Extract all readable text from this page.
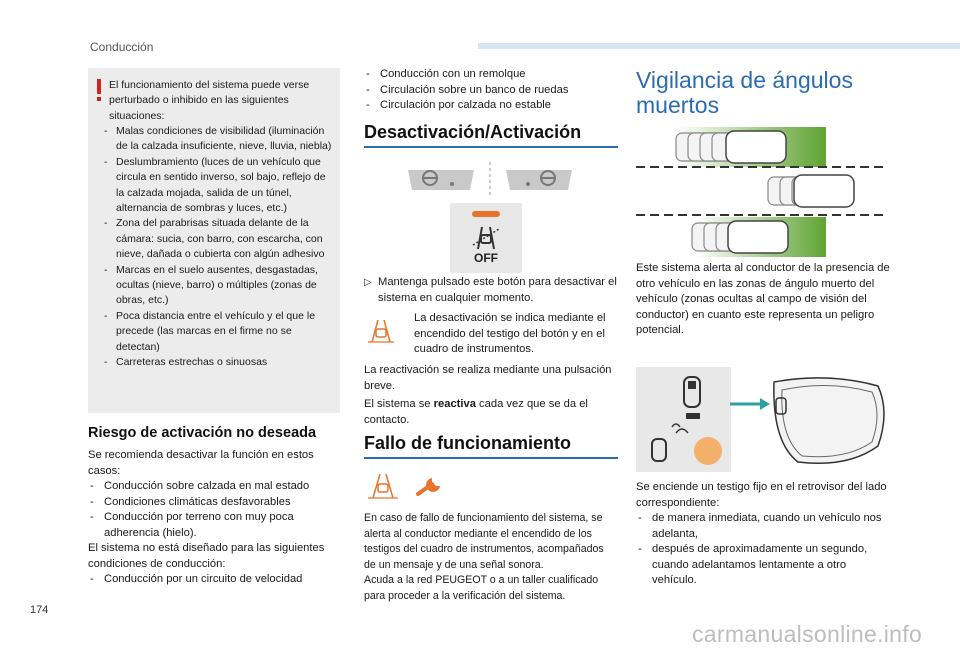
Conducción
El funcionamiento del sistema puede verse perturbado o inhibido en las siguientes situaciones:
- Malas condiciones de visibilidad (iluminación de la calzada insuficiente, nieve, lluvia, niebla)
- Deslumbramiento (luces de un vehículo que circula en sentido inverso, sol bajo, reflejo de la calzada mojada, salida de un túnel, alternancia de sombras y luces, etc.)
- Zona del parabrisas situada delante de la cámara: sucia, con barro, con escarcha, con nieve, dañada o cubierta con algún adhesivo
- Marcas en el suelo ausentes, desgastadas, ocultas (nieve, barro) o múltiples (zonas de obras, etc.)
- Poca distancia entre el vehículo y el que le precede (las marcas en el firme no se detectan)
- Carreteras estrechas o sinuosas
Riesgo de activación no deseada
Se recomienda desactivar la función en estos casos:
- Conducción sobre calzada en mal estado
- Condiciones climáticas desfavorables
- Conducción por terreno con muy poca adherencia (hielo).
El sistema no está diseñado para las siguientes condiciones de conducción:
- Conducción por un circuito de velocidad
- Conducción con un remolque
- Circulación sobre un banco de ruedas
- Circulación por calzada no estable
Desactivación/Activación
OFF
▷ Mantenga pulsado este botón para desactivar el sistema en cualquier momento.
La desactivación se indica mediante el encendido del testigo del botón y en el cuadro de instrumentos.
La reactivación se realiza mediante una pulsación breve.
El sistema se reactiva cada vez que se da el contacto.
Fallo de funcionamiento
En caso de fallo de funcionamiento del sistema, se alerta al conductor mediante el encendido de los testigos del cuadro de instrumentos, acompañados de un mensaje y de una señal sonora.
Acuda a la red PEUGEOT o a un taller cualificado para proceder a la verificación del sistema.
Vigilancia de ángulos
muertos
Este sistema alerta al conductor de la presencia de otro vehículo en las zonas de ángulo muerto del vehículo (zonas ocultas al campo de visión del conductor) en cuanto este representa un peligro potencial.
Se enciende un testigo fijo en el retrovisor del lado correspondiente:
- de manera inmediata, cuando un vehículo nos adelanta,
- después de aproximadamente un segundo, cuando adelantamos lentamente a otro vehículo.
174
carmanualsonline.info
